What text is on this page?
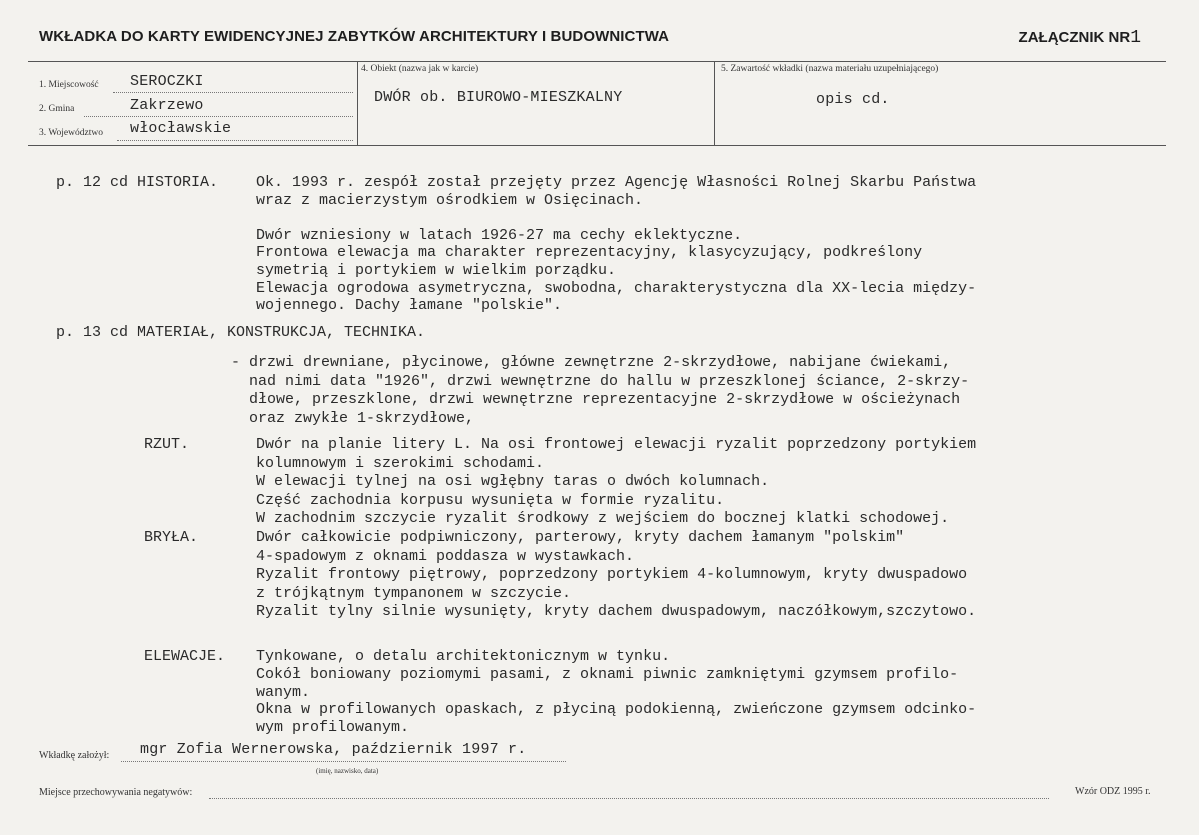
WKŁADKA DO KARTY EWIDENCYJNEJ ZABYTKÓW ARCHITEKTURY I BUDOWNICTWA	ZAŁĄCZNIK NR1
1. Miejscowość SEROCZKI
2. Gmina	Zakrzewo
3. Województwo włocławskie
4. Obiekt (nazwa jak w karcie)
DWÓR ob. BIUROWO-MIESZKALNY
5. Zawartość wkładki (nazwa materiału uzupełniającego)
opis cd.
p. 12 cd HISTORIA.	Ok. 1993 r. zespół został przejęty przez Agencję Własności Rolnej Skarbu Państwa
wraz z macierzystym ośrodkiem w Osięcinach.
Dwór wzniesiony w latach 1926-27 ma cechy eklektyczne.
Frontowa elewacja ma charakter reprezentacyjny, klasycyzujący, podkreślony
symetrią i portykiem w wielkim porządku.
Elewacja ogrodowa asymetryczna, swobodna, charakterystyczna dla XX-lecia między-
wojennego. Dachy łamane "polskie".
p. 13 cd MATERIAŁ, KONSTRUKCJA, TECHNIKA.
- drzwi drewniane, płycinowe, główne zewnętrzne 2-skrzydłowe, nabijane ćwiekami,
nad nimi data "1926", drzwi wewnętrzne do hallu w przeszklonej ściance, 2-skrzy-
dłowe, przeszklone, drzwi wewnętrzne reprezentacyjne 2-skrzydłowe w ościeżynach
oraz zwykłe 1-skrzydłowe,
RZUT.	Dwór na planie litery L. Na osi frontowej elewacji ryzalit poprzedzony portykiem
kolumnowym i szerokimi schodami.
W elewacji tylnej na osi wgłębny taras o dwóch kolumnach.
Część zachodnia korpusu wysunięta w formie ryzalitu.
W zachodnim szczycie ryzalit środkowy z wejściem do bocznej klatki schodowej.
BRYŁA.	Dwór całkowicie podpiwniczony, parterowy, kryty dachem łamanym "polskim"
4-spadowym z oknami poddasza w wystawkach.
Ryzalit frontowy piętrowy, poprzedzony portykiem 4-kolumnowym, kryty dwuspadowo
z trójkątnym tympanonem w szczycie.
Ryzalit tylny silnie wysunięty, kryty dachem dwuspadowym, naczółkowym,szczytowo.
ELEWACJE. Tynkowane, o detalu architektonicznym w tynku.
Cokół boniowany poziomymi pasami, z oknami piwnic zamkniętymi gzymsem profilo-
wanym.
Okna w profilowanych opaskach, z płyciną podokienną, zwieńczone gzymsem odcinko-
wym profilowanym.
Wkładkę założył: mgr Zofia Wernerowska, październik 1997 r.
(imię, nazwisko, data)
Miejsce przechowywania negatywów:	Wzór ODZ 1995 r.
